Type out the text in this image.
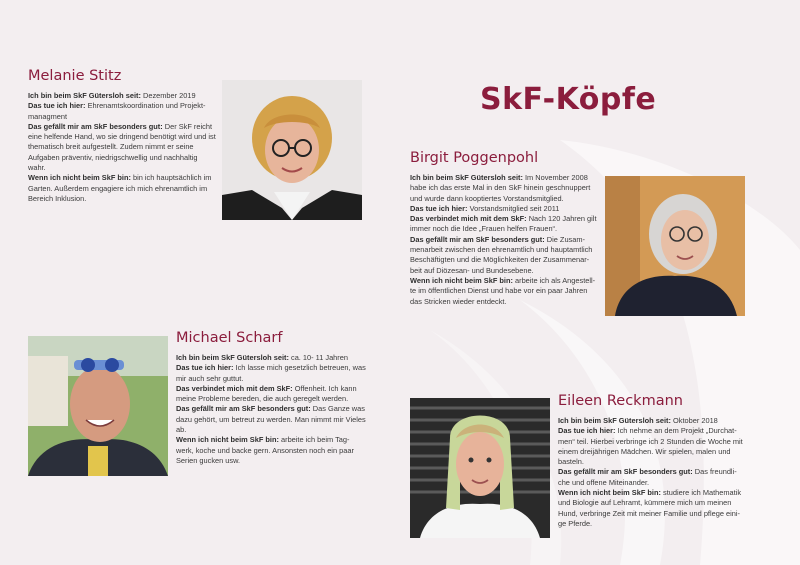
SkF-Köpfe
Melanie Stitz

Ich bin beim SkF Gütersloh seit: Dezember 2019
Das tue ich hier: Ehrenamtskoordination und Projekt-managment
Das gefällt mir am SkF besonders gut: Der SkF reicht eine helfende Hand, wo sie dringend benötigt wird und ist thematisch breit aufgestellt. Zudem nimmt er seine Aufgaben präventiv, niedrigschwellig und nachhaltig wahr.
Wenn ich nicht beim SkF bin: bin ich hauptsächlich im Garten. Außerdem engagiere ich mich ehrenamtlich im Bereich Inklusion.

Birgit Poggenpohl

Ich bin beim SkF Gütersloh seit: Im November 2008 habe ich das erste Mal in den SkF hinein geschnuppert und wurde dann kooptiertes Vorstandsmitglied.
Das tue ich hier: Vorstandsmitglied seit 2011
Das verbindet mich mit dem SkF: Nach 120 Jahren gilt immer noch die Idee „Frauen helfen Frauen“.
Das gefällt mir am SkF besonders gut: Die Zusam-menarbeit zwischen den ehrenamtlich und hauptamtlich Beschäftigten und die Möglichkeiten der Zusammenar-beit auf Diözesan- und Bundesebene.
Wenn ich nicht beim SkF bin: arbeite ich als Angestell-te im öffentlichen Dienst und habe vor ein paar Jahren das Stricken wieder entdeckt.

Michael Scharf

Ich bin beim SkF Gütersloh seit: ca. 10- 11 Jahren
Das tue ich hier: Ich lasse mich gesetzlich betreuen, was mir auch sehr guttut.
Das verbindet mich mit dem SkF: Offenheit. Ich kann meine Probleme bereden, die auch geregelt werden.
Das gefällt mir am SkF besonders gut: Das Ganze was dazu gehört, um betreut zu werden. Man nimmt mir Vieles ab.
Wenn ich nicht beim SkF bin: arbeite ich beim Tag-werk, koche und backe gern. Ansonsten noch ein paar Serien gucken usw.

Eileen Reckmann

Ich bin beim SkF Gütersloh seit: Oktober 2018
Das tue ich hier: Ich nehme an dem Projekt „Durchat-men“ teil. Hierbei verbringe ich 2 Stunden die Woche mit einem dreijährigen Mädchen. Wir spielen, malen und basteln.
Das gefällt mir am SkF besonders gut: Das freundli-che und offene Miteinander.
Wenn ich nicht beim SkF bin: studiere ich Mathematik und Biologie auf Lehramt, kümmere mich um meinen Hund, verbringe Zeit mit meiner Familie und pflege eini-ge Pferde.
